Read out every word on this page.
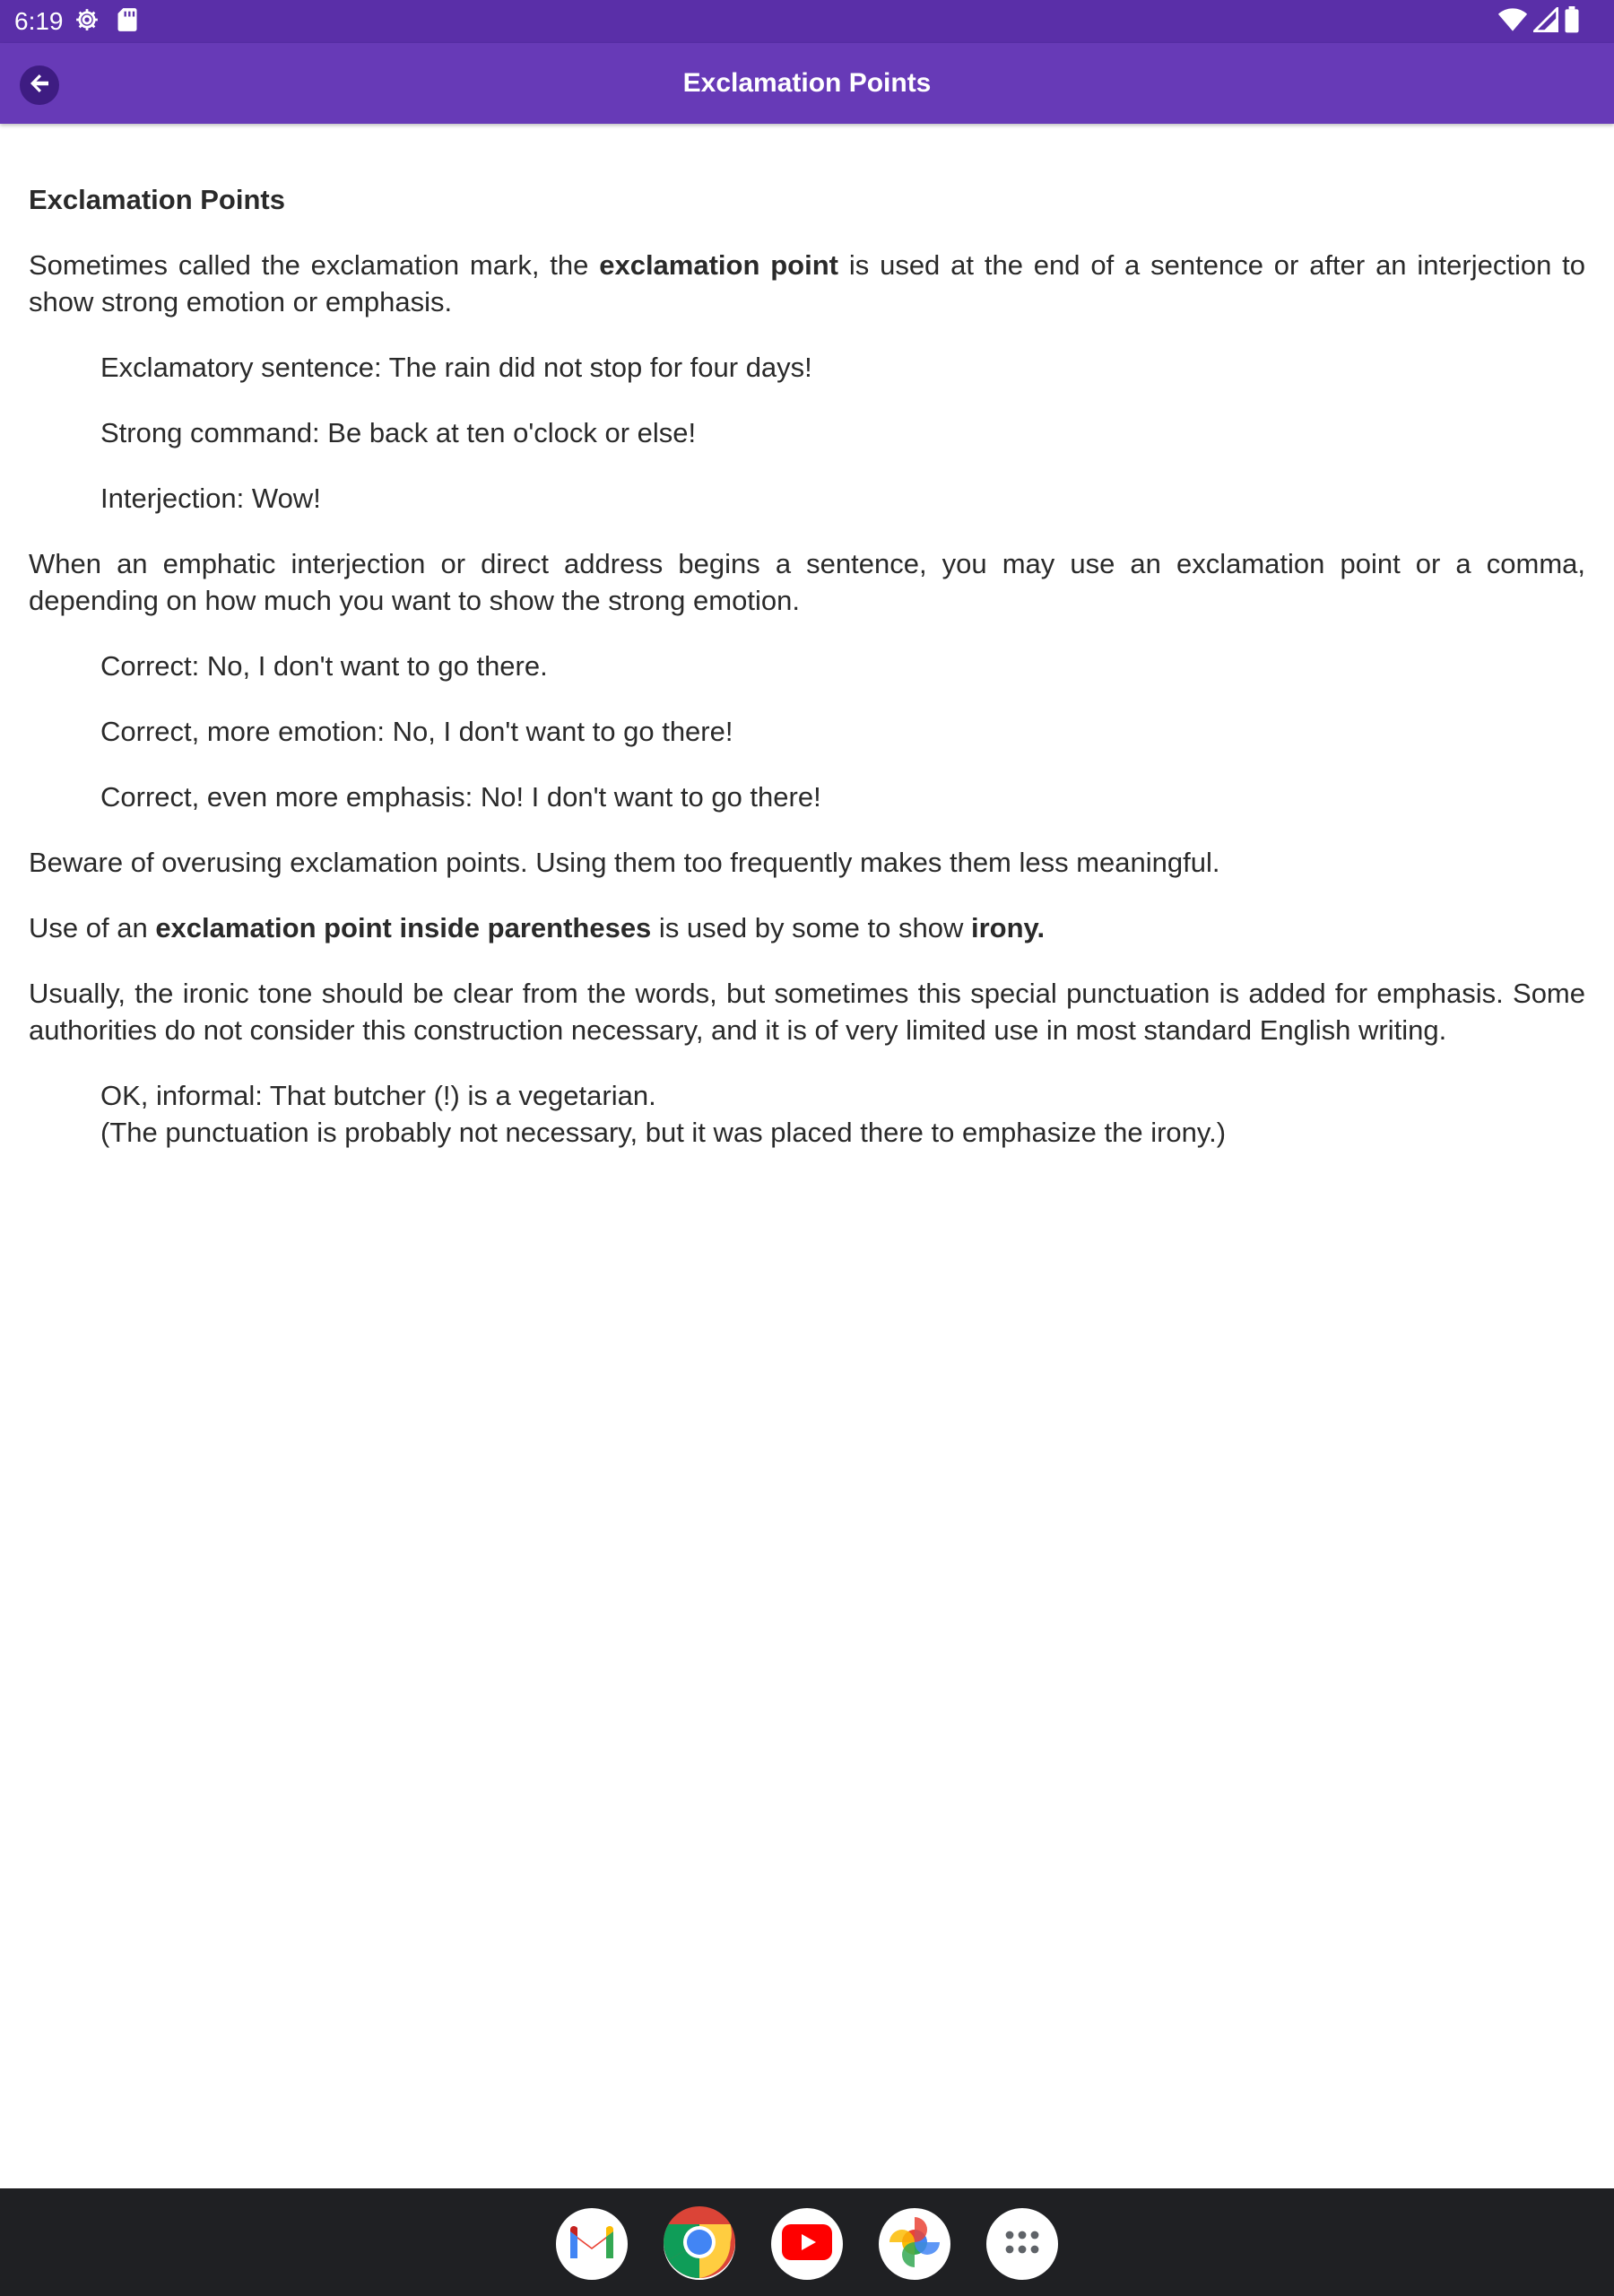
6:19
Exclamation Points
Exclamation Points

Sometimes called the exclamation mark, the exclamation point is used at the end of a sentence or after an interjection to show strong emotion or emphasis.

Exclamatory sentence: The rain did not stop for four days!

Strong command: Be back at ten o'clock or else!

Interjection: Wow!

When an emphatic interjection or direct address begins a sentence, you may use an exclamation point or a comma, depending on how much you want to show the strong emotion.

Correct: No, I don't want to go there.

Correct, more emotion: No, I don't want to go there!

Correct, even more emphasis: No! I don't want to go there!

Beware of overusing exclamation points. Using them too frequently makes them less meaningful.

Use of an exclamation point inside parentheses is used by some to show irony.

Usually, the ironic tone should be clear from the words, but sometimes this special punctuation is added for emphasis. Some authorities do not consider this construction necessary, and it is of very limited use in most standard English writing.

OK, informal: That butcher (!) is a vegetarian.
(The punctuation is probably not necessary, but it was placed there to emphasize the irony.)
